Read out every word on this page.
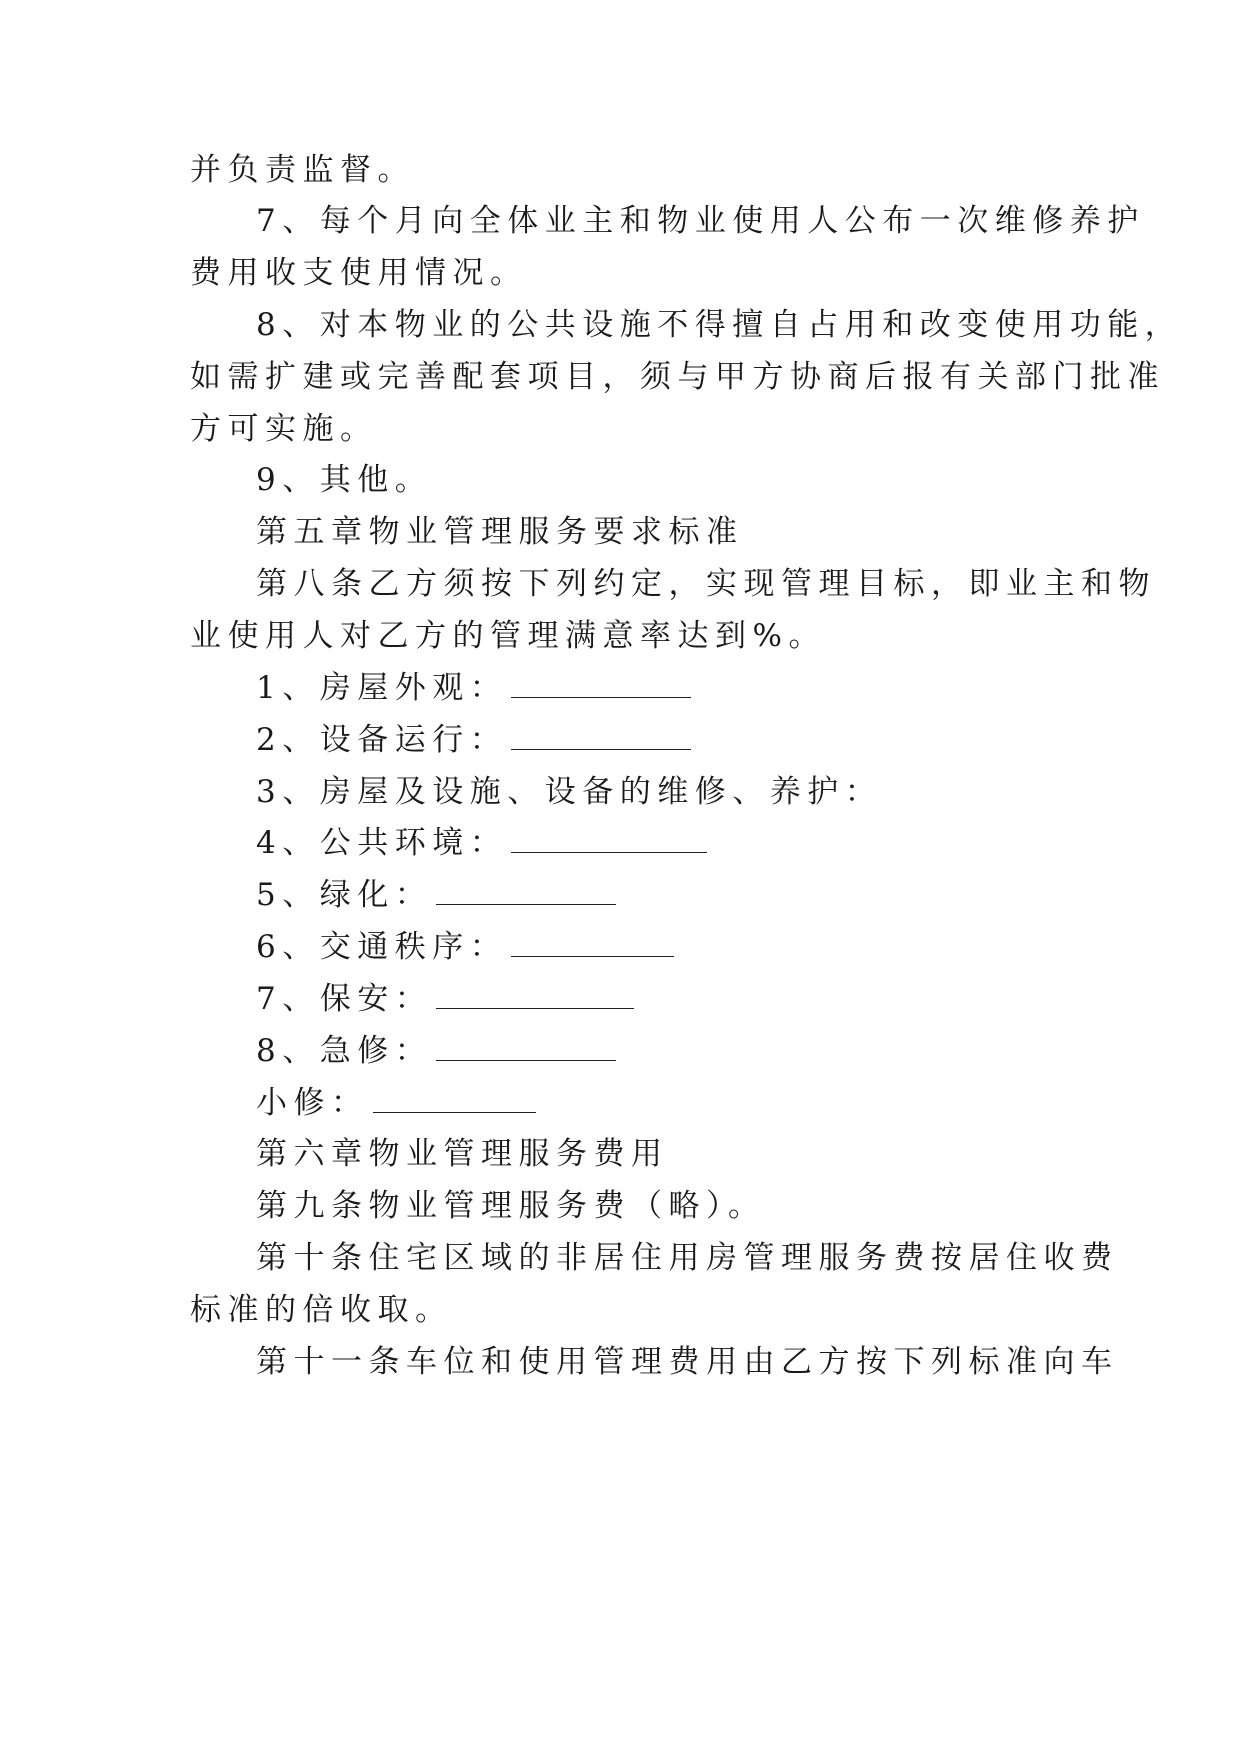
并负责监督。
7、每个月向全体业主和物业使用人公布一次维修养护
费用收支使用情况。
8、对本物业的公共设施不得擅自占用和改变使用功能，
如需扩建或完善配套项目，须与甲方协商后报有关部门批准
方可实施。
9、其他。
第五章物业管理服务要求标准
第八条乙方须按下列约定，实现管理目标，即业主和物
业使用人对乙方的管理满意率达到%。
1、房屋外观：
2、设备运行：
3、房屋及设施、设备的维修、养护：
4、公共环境：
5、绿化：
6、交通秩序：
7、保安：
8、急修：
小修：
第六章物业管理服务费用
第九条物业管理服务费（略）。
第十条住宅区域的非居住用房管理服务费按居住收费
标准的倍收取。
第十一条车位和使用管理费用由乙方按下列标准向车
